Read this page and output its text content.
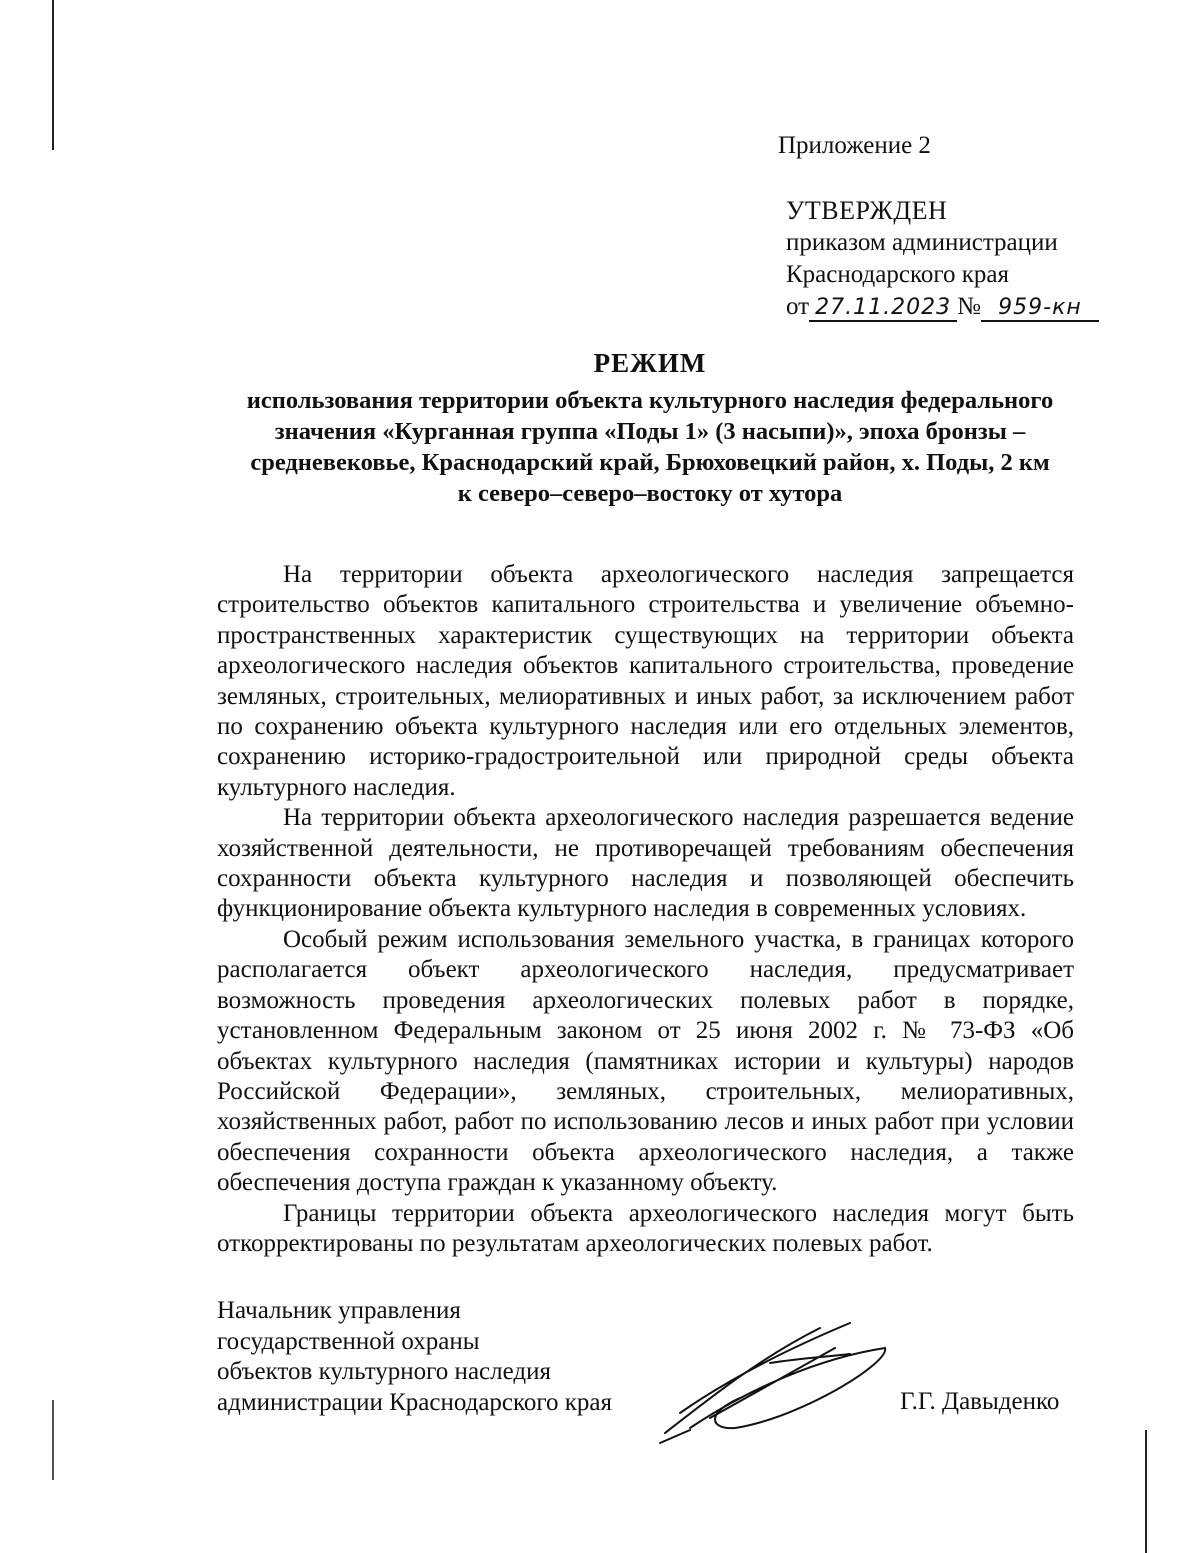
Приложение 2
УТВЕРЖДЕН
приказом администрации
Краснодарского края
от 27.11.2023 № 959-кн
РЕЖИМ
использования территории объекта культурного наследия федерального
значения «Курганная группа «Поды 1» (3 насыпи)», эпоха бронзы –
средневековье, Краснодарский край, Брюховецкий район, х. Поды, 2 км
к северо–северо–востоку от хутора

На территории объекта археологического наследия запрещается строительство объектов капитального строительства и увеличение объемно-пространственных характеристик существующих на территории объекта археологического наследия объектов капитального строительства, проведение земляных, строительных, мелиоративных и иных работ, за исключением работ по сохранению объекта культурного наследия или его отдельных элементов, сохранению историко-градостроительной или природной среды объекта культурного наследия.

На территории объекта археологического наследия разрешается ведение хозяйственной деятельности, не противоречащей требованиям обеспечения сохранности объекта культурного наследия и позволяющей обеспечить функционирование объекта культурного наследия в современных условиях.

Особый режим использования земельного участка, в границах которого располагается объект археологического наследия, предусматривает возможность проведения археологических полевых работ в порядке, установленном Федеральным законом от 25 июня 2002 г. № 73-ФЗ «Об объектах культурного наследия (памятниках истории и культуры) народов Российской Федерации», земляных, строительных, мелиоративных, хозяйственных работ, работ по использованию лесов и иных работ при условии обеспечения сохранности объекта археологического наследия, а также обеспечения доступа граждан к указанному объекту.

Границы территории объекта археологического наследия могут быть откорректированы по результатам археологических полевых работ.

Начальник управления
государственной охраны
объектов культурного наследия
администрации Краснодарского края	Г.Г. Давыденко
